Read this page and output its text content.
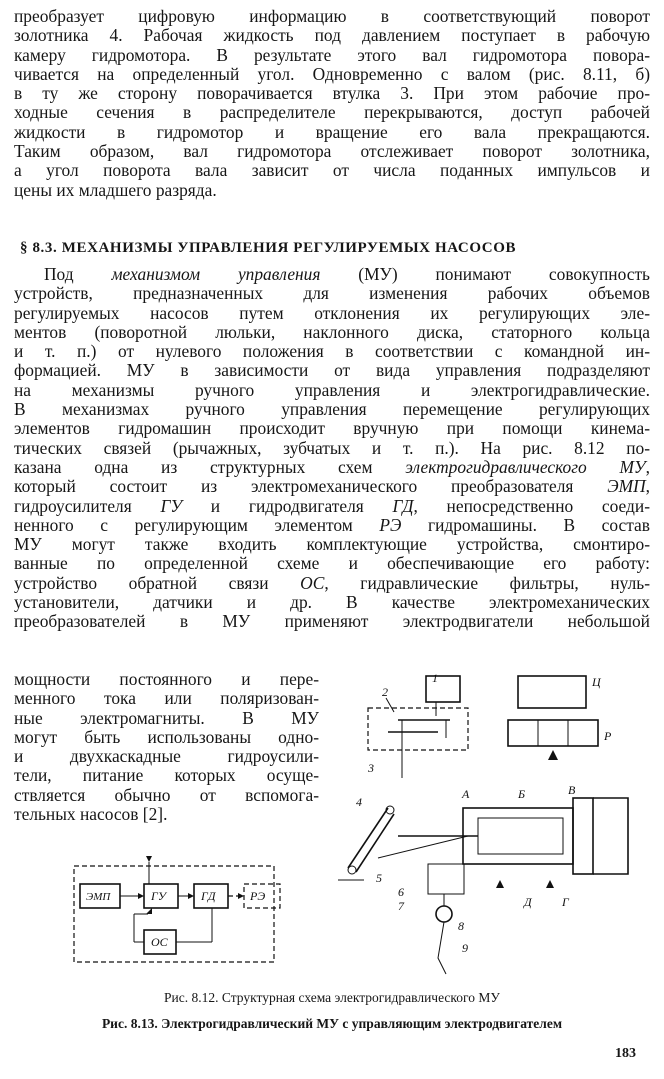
преобразует цифровую информацию в соответствующий поворот
золотника 4. Рабочая жидкость под давлением поступает в рабочую
камеру гидромотора. В результате этого вал гидромотора повора-
чивается на определенный угол. Одновременно с валом (рис. 8.11, б)
в ту же сторону поворачивается втулка 3. При этом рабочие про-
ходные сечения в распределителе перекрываются, доступ рабочей
жидкости в гидромотор и вращение его вала прекращаются.
Таким образом, вал гидромотора отслеживает поворот золотника,
а угол поворота вала зависит от числа поданных импульсов и
цены их младшего разряда.
§ 8.3. МЕХАНИЗМЫ УПРАВЛЕНИЯ РЕГУЛИРУЕМЫХ НАСОСОВ
Под механизмом управления (МУ) понимают совокупность
устройств, предназначенных для изменения рабочих объемов
регулируемых насосов путем отклонения их регулирующих эле-
ментов (поворотной люльки, наклонного диска, статорного кольца
и т. п.) от нулевого положения в соответствии с командной ин-
формацией. МУ в зависимости от вида управления подразделяют
на механизмы ручного управления и электрогидравлические.
В механизмах ручного управления перемещение регулирующих
элементов гидромашин происходит вручную при помощи кинема-
тических связей (рычажных, зубчатых и т. п.). На рис. 8.12 по-
казана одна из структурных схем электрогидравлического МУ,
который состоит из электромеханического преобразователя ЭМП,
гидроусилителя ГУ и гидродвигателя ГД, непосредственно соеди-
ненного с регулирующим элементом РЭ гидромашины. В состав
МУ могут также входить комплектующие устройства, смонтиро-
ванные по определенной схеме и обеспечивающие его работу:
устройство обратной связи ОС, гидравлические фильтры, нуль-
установители, датчики и др. В качестве электромеханических
преобразователей в МУ применяют электродвигатели небольшой
мощности постоянного и пере-
менного тока или поляризован-
ные электромагниты. В МУ
могут быть использованы одно-
и двухкаскадные гидроусили-
тели, питание которых осуще-
ствляется обычно от вспомога-
тельных насосов [2].
ЭМП	ГУ	ГД	РЭ
ОС
1
2
3
4
5
А	Б	В
Г
Д
6
7
8
9
Ц
Р
Рис. 8.12. Структурная схема электрогидравлического МУ
Рис. 8.13. Электрогидравлический МУ с управляющим электродвигателем
183
